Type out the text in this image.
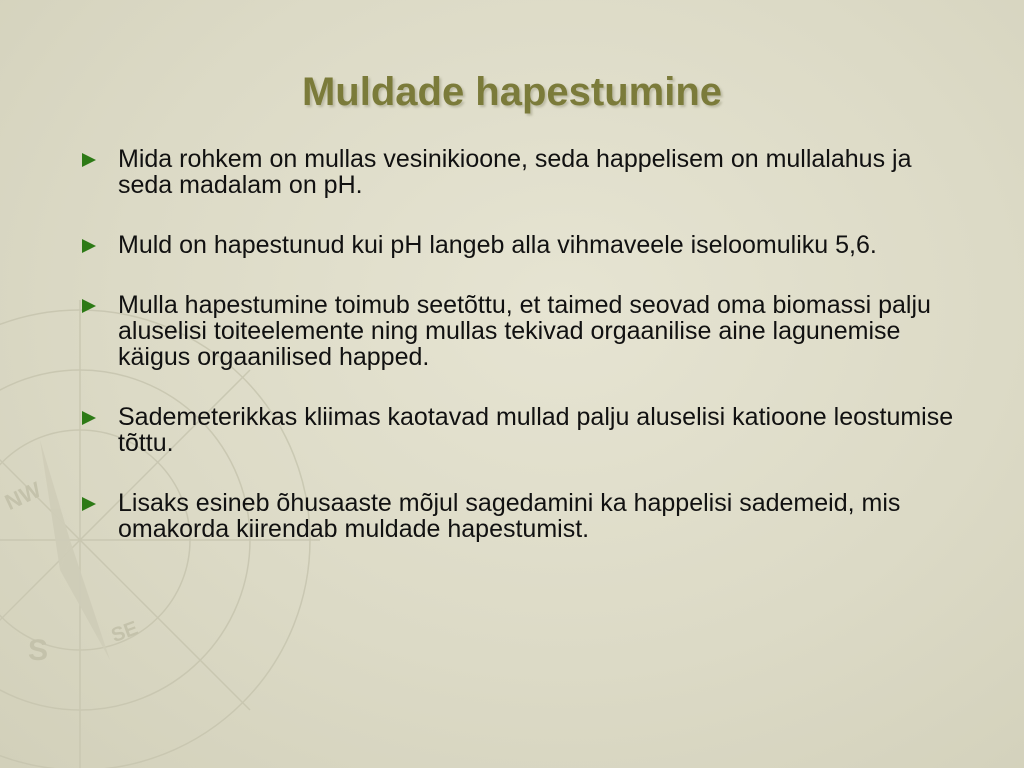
NW
S
SE
Muldade hapestumine
Mida rohkem on mullas vesinikioone, seda happelisem on mullalahus ja seda madalam on pH.
Muld on hapestunud kui pH langeb alla vihmaveele iseloomuliku 5,6.
Mulla hapestumine toimub seetõttu, et taimed seovad oma biomassi palju aluselisi toiteelemente ning mullas tekivad orgaanilise aine lagunemise käigus orgaanilised happed.
Sademeterikkas kliimas kaotavad mullad palju aluselisi katioone leostumise tõttu.
Lisaks esineb õhusaaste mõjul sagedamini ka happelisi sademeid, mis omakorda kiirendab muldade hapestumist.
